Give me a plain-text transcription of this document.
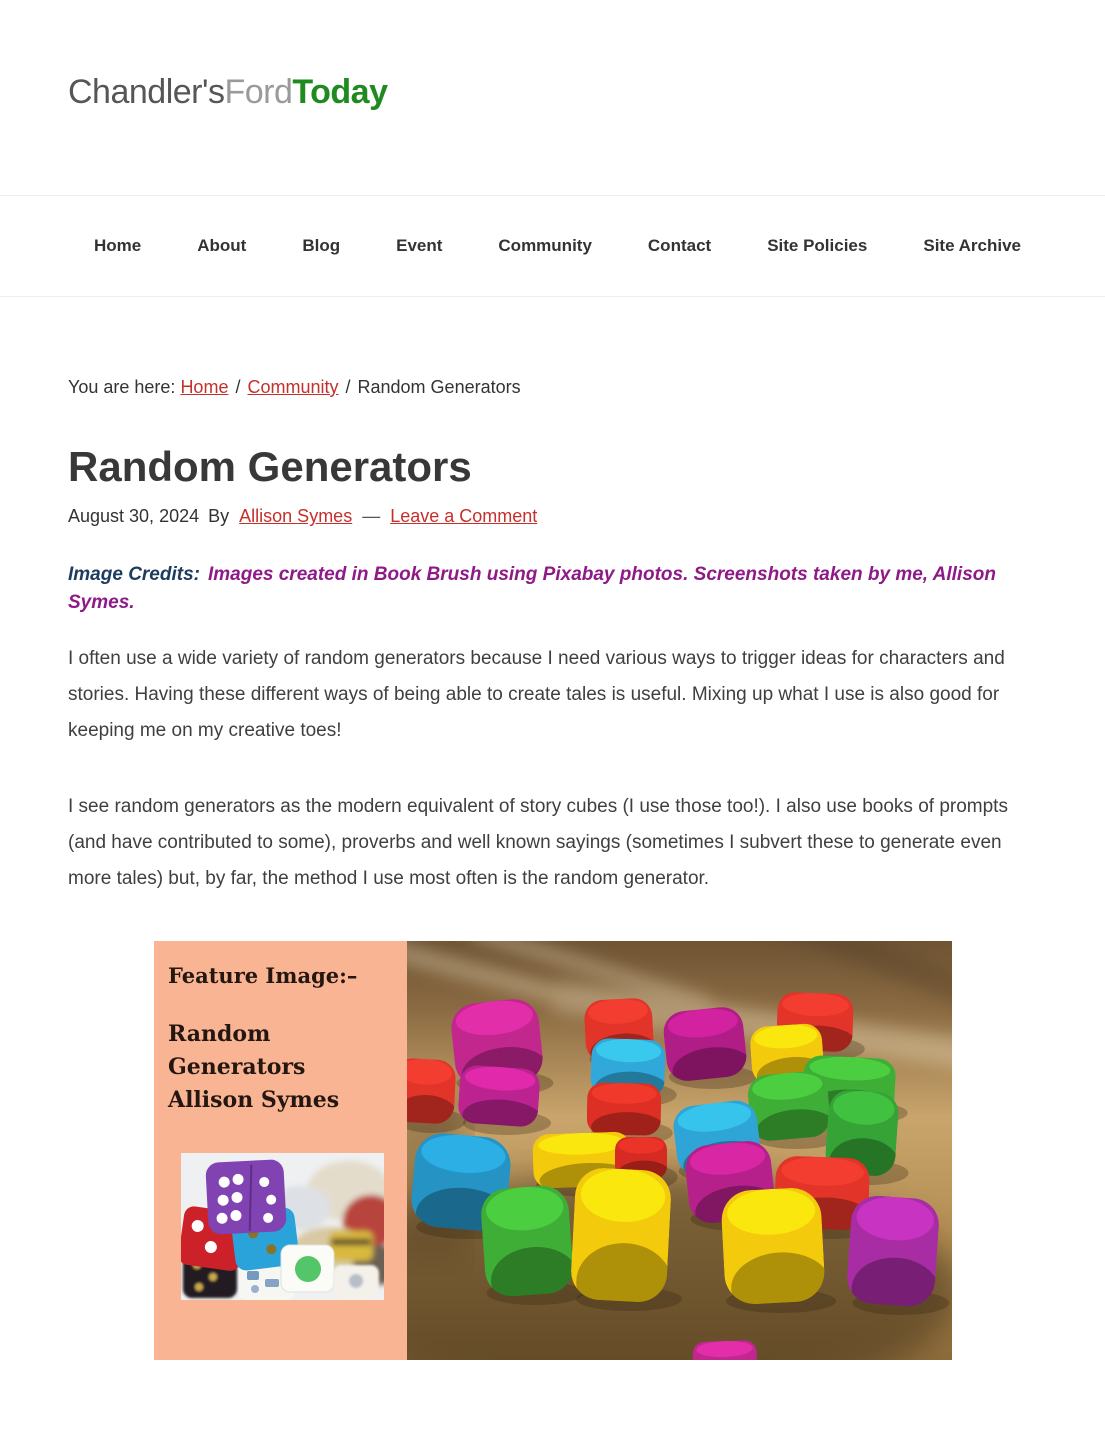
Chandler'sFordToday
Home	About	Blog	Event	Community	Contact	Site Policies	Site Archive
You are here: Home / Community / Random Generators
Random Generators
August 30, 2024 By Allison Symes — Leave a Comment

Image Credits: Images created in Book Brush using Pixabay photos. Screenshots taken by me, Allison Symes.

I often use a wide variety of random generators because I need various ways to trigger ideas for characters and stories. Having these different ways of being able to create tales is useful. Mixing up what I use is also good for keeping me on my creative toes!

I see random generators as the modern equivalent of story cubes (I use those too!). I also use books of prompts (and have contributed to some), proverbs and well known sayings (sometimes I subvert these to generate even more tales) but, by far, the method I use most often is the random generator.

Feature Image:–

Random Generators

Allison Symes
